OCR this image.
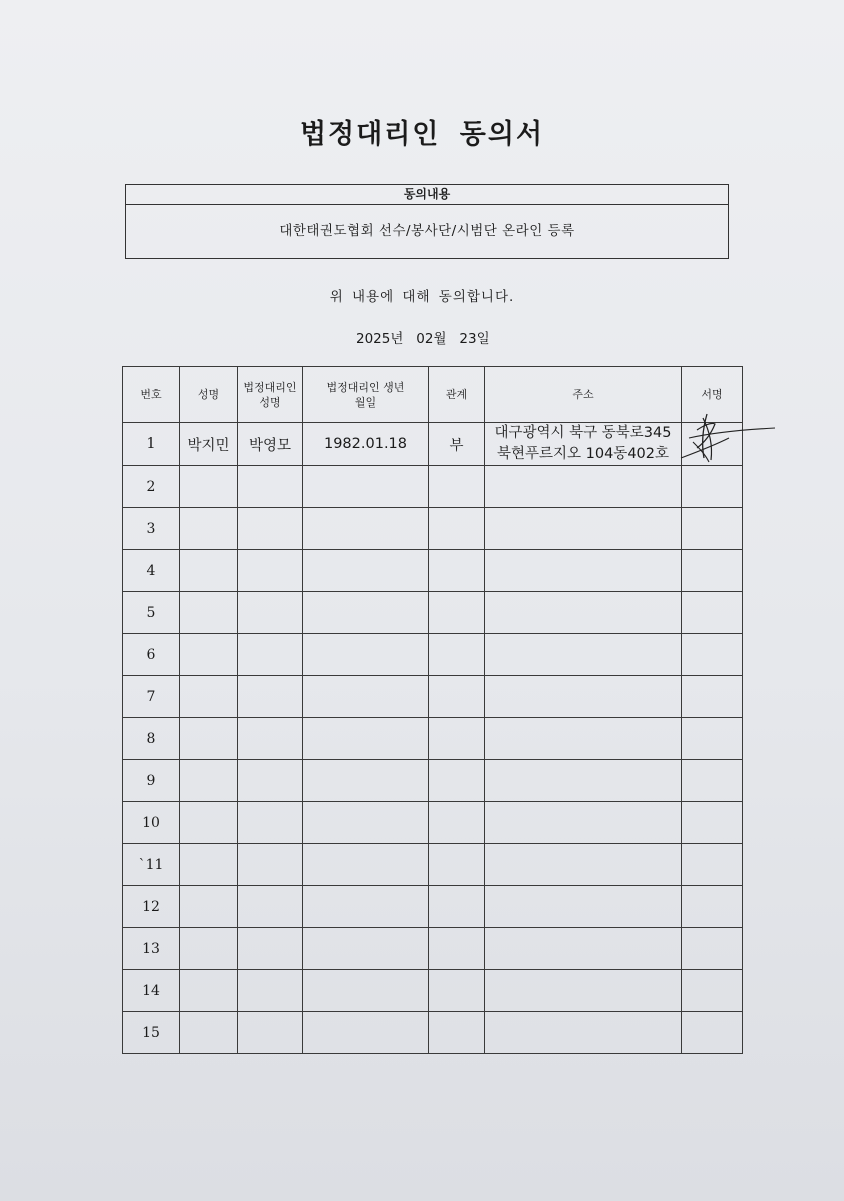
법정대리인 동의서
동의내용
대한태권도협회 선수/봉사단/시범단 온라인 등록
위 내용에 대해 동의합니다.
2025년 02월 23일
번호	성명	법정대리인 성명	법정대리인 생년월일	관계	주소	서명
1	박지민	박영모	1982.01.18	부	대구광역시 북구 동북로345
북현푸르지오 104동402호	

2						
3						
4						
5						
6						
7						
8						
9						
10						
`11						
12						
13						
14						
15						
